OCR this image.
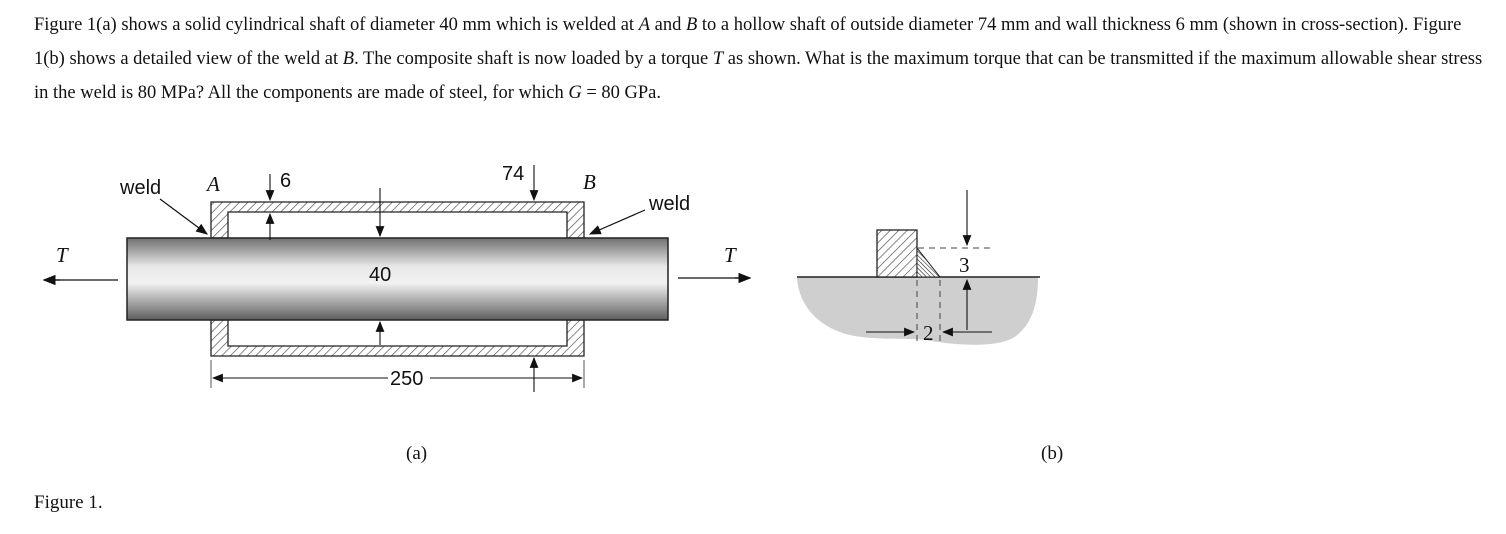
Figure 1(a) shows a solid cylindrical shaft of diameter 40 mm which is welded at A and B to a hollow shaft of outside diameter 74 mm and wall thickness 6 mm (shown in cross-section). Figure 1(b) shows a detailed view of the weld at B. The composite shaft is now loaded by a torque T as shown. What is the maximum torque that can be transmitted if the maximum allowable shear stress in the weld is 80 MPa? All the components are made of steel, for which G = 80 GPa.

weld A	6	74	B
weld
T	T
40
250
3
2
(a)	(b)
Figure 1.
